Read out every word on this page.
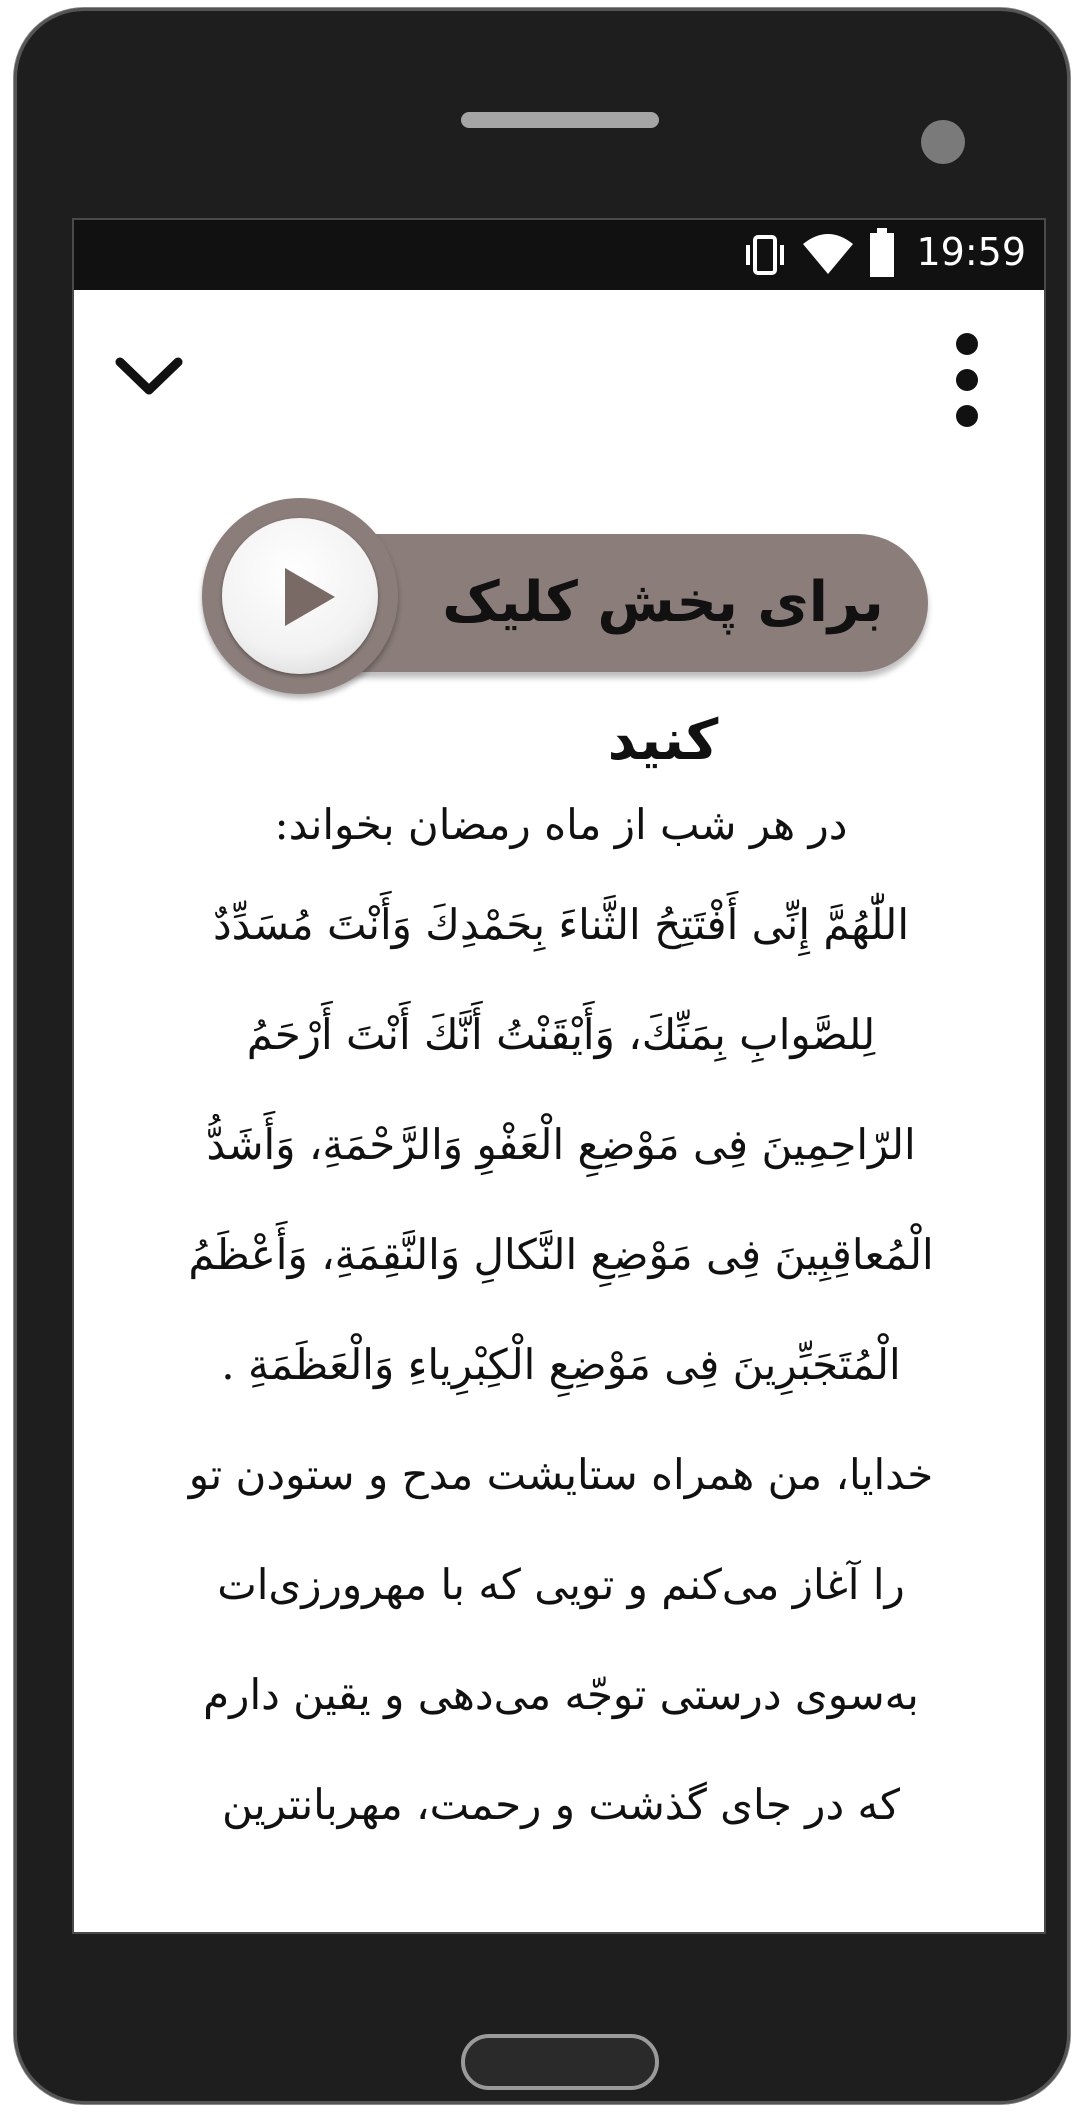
19:59
برای پخش کلیک کنید
در هر شب از ماه رمضان بخواند:
اللّٰهُمَّ إِنِّى أَفْتَتِحُ الثَّناءَ بِحَمْدِكَ وَأَنْتَ مُسَدِّدٌ
لِلصَّوابِ بِمَنِّكَ، وَأَيْقَنْتُ أَنَّكَ أَنْتَ أَرْحَمُ
الرّاحِمِينَ فِى مَوْضِعِ الْعَفْوِ وَالرَّحْمَةِ، وَأَشَدُّ
الْمُعاقِبِينَ فِى مَوْضِعِ النَّكالِ وَالنَّقِمَةِ، وَأَعْظَمُ
الْمُتَجَبِّرِينَ فِى مَوْضِعِ الْكِبْرِياءِ وَالْعَظَمَةِ .
خدایا، من همراه ستایشت مدح و ستودن تو
را آغاز می‌کنم و تویی که با مهرورزی‌ات
به‌سوی درستی توجّه می‌دهی و یقین دارم
که در جای گذشت و رحمت، مهربانترین
